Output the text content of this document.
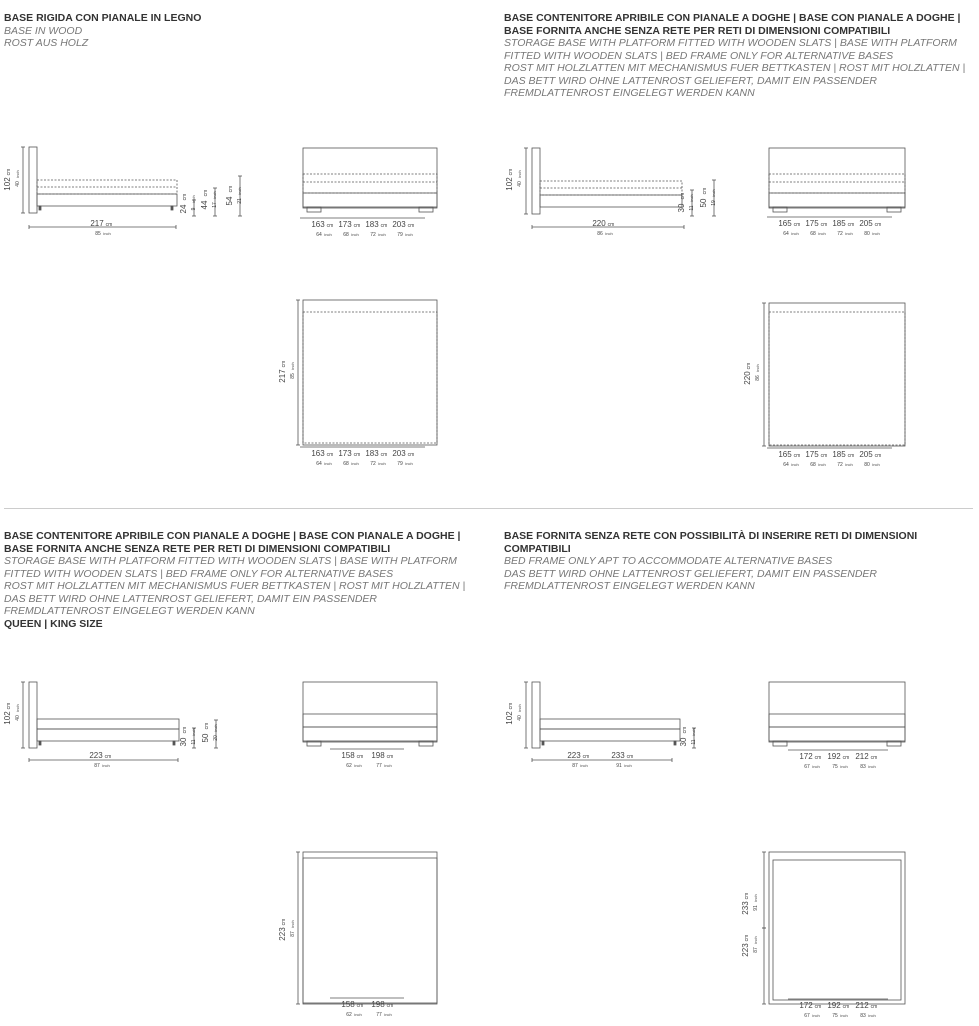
BASE RIGIDA CON PIANALE IN LEGNO
BASE IN WOOD
ROST AUS HOLZ
BASE CONTENITORE APRIBILE CON PIANALE A DOGHE | BASE CON PIANALE A DOGHE |
BASE FORNITA ANCHE SENZA RETE PER RETI DI DIMENSIONI COMPATIBILI
STORAGE BASE WITH PLATFORM FITTED WITH WOODEN SLATS | BASE WITH PLATFORM
FITTED WITH WOODEN SLATS | BED FRAME ONLY FOR ALTERNATIVE BASES
ROST MIT HOLZLATTEN MIT MECHANISMUS FUER BETTKASTEN | ROST MIT HOLZLATTEN |
DAS BETT WIRD OHNE LATTENROST GELIEFERT, DAMIT EIN PASSENDER
FREMDLATTENROST EINGELEGT WERDEN KANN
BASE CONTENITORE APRIBILE CON PIANALE A DOGHE | BASE CON PIANALE A DOGHE |
BASE FORNITA ANCHE SENZA RETE PER RETI DI DIMENSIONI COMPATIBILI
STORAGE BASE WITH PLATFORM FITTED WITH WOODEN SLATS | BASE WITH PLATFORM
FITTED WITH WOODEN SLATS | BED FRAME ONLY FOR ALTERNATIVE BASES
ROST MIT HOLZLATTEN MIT MECHANISMUS FUER BETTKASTEN | ROST MIT HOLZLATTEN |
DAS BETT WIRD OHNE LATTENROST GELIEFERT, DAMIT EIN PASSENDER
FREMDLATTENROST EINGELEGT WERDEN KANN
QUEEN | KING SIZE
BASE FORNITA SENZA RETE CON POSSIBILITÀ DI INSERIRE RETI DI DIMENSIONI
COMPATIBILI
BED FRAME ONLY APT TO ACCOMMODATE ALTERNATIVE BASES
DAS BETT WIRD OHNE LATTENROST GELIEFERT, DAMIT EIN PASSENDER
FREMDLATTENROST EINGELEGT WERDEN KANN
102
cm
40
inch
217 cm
85 inch
24
cm
9
inch
44
cm
17
inch
54
cm
21
inch
163 cm
64 inch
173 cm
68 inch
183 cm
72 inch
203 cm
79 inch
217
cm
85
inch
163 cm
64 inch
173 cm
68 inch
183 cm
72 inch
203 cm
79 inch
102
cm
40
inch
220 cm
86 inch
30
cm
11
inch
50
cm
19
inch
165 cm
64 inch
175 cm
68 inch
185 cm
72 inch
205 cm
80 inch
220
cm
86
inch
165 cm
64 inch
175 cm
68 inch
185 cm
72 inch
205 cm
80 inch
102
cm
40
inch
223 cm
87 inch
30
cm
11
inch
50
cm
20
inch
158 cm
62 inch
198 cm
77 inch
223
cm
87
inch
158 cm
62 inch
198 cm
77 inch
102
cm
40
inch
223 cm
87 inch
233 cm
91 inch
30
cm
11
inch
172 cm
67 inch
192 cm
75 inch
212 cm
83 inch
233
cm
91
inch
223
cm
87
inch
172 cm
67 inch
192 cm
75 inch
212 cm
83 inch
